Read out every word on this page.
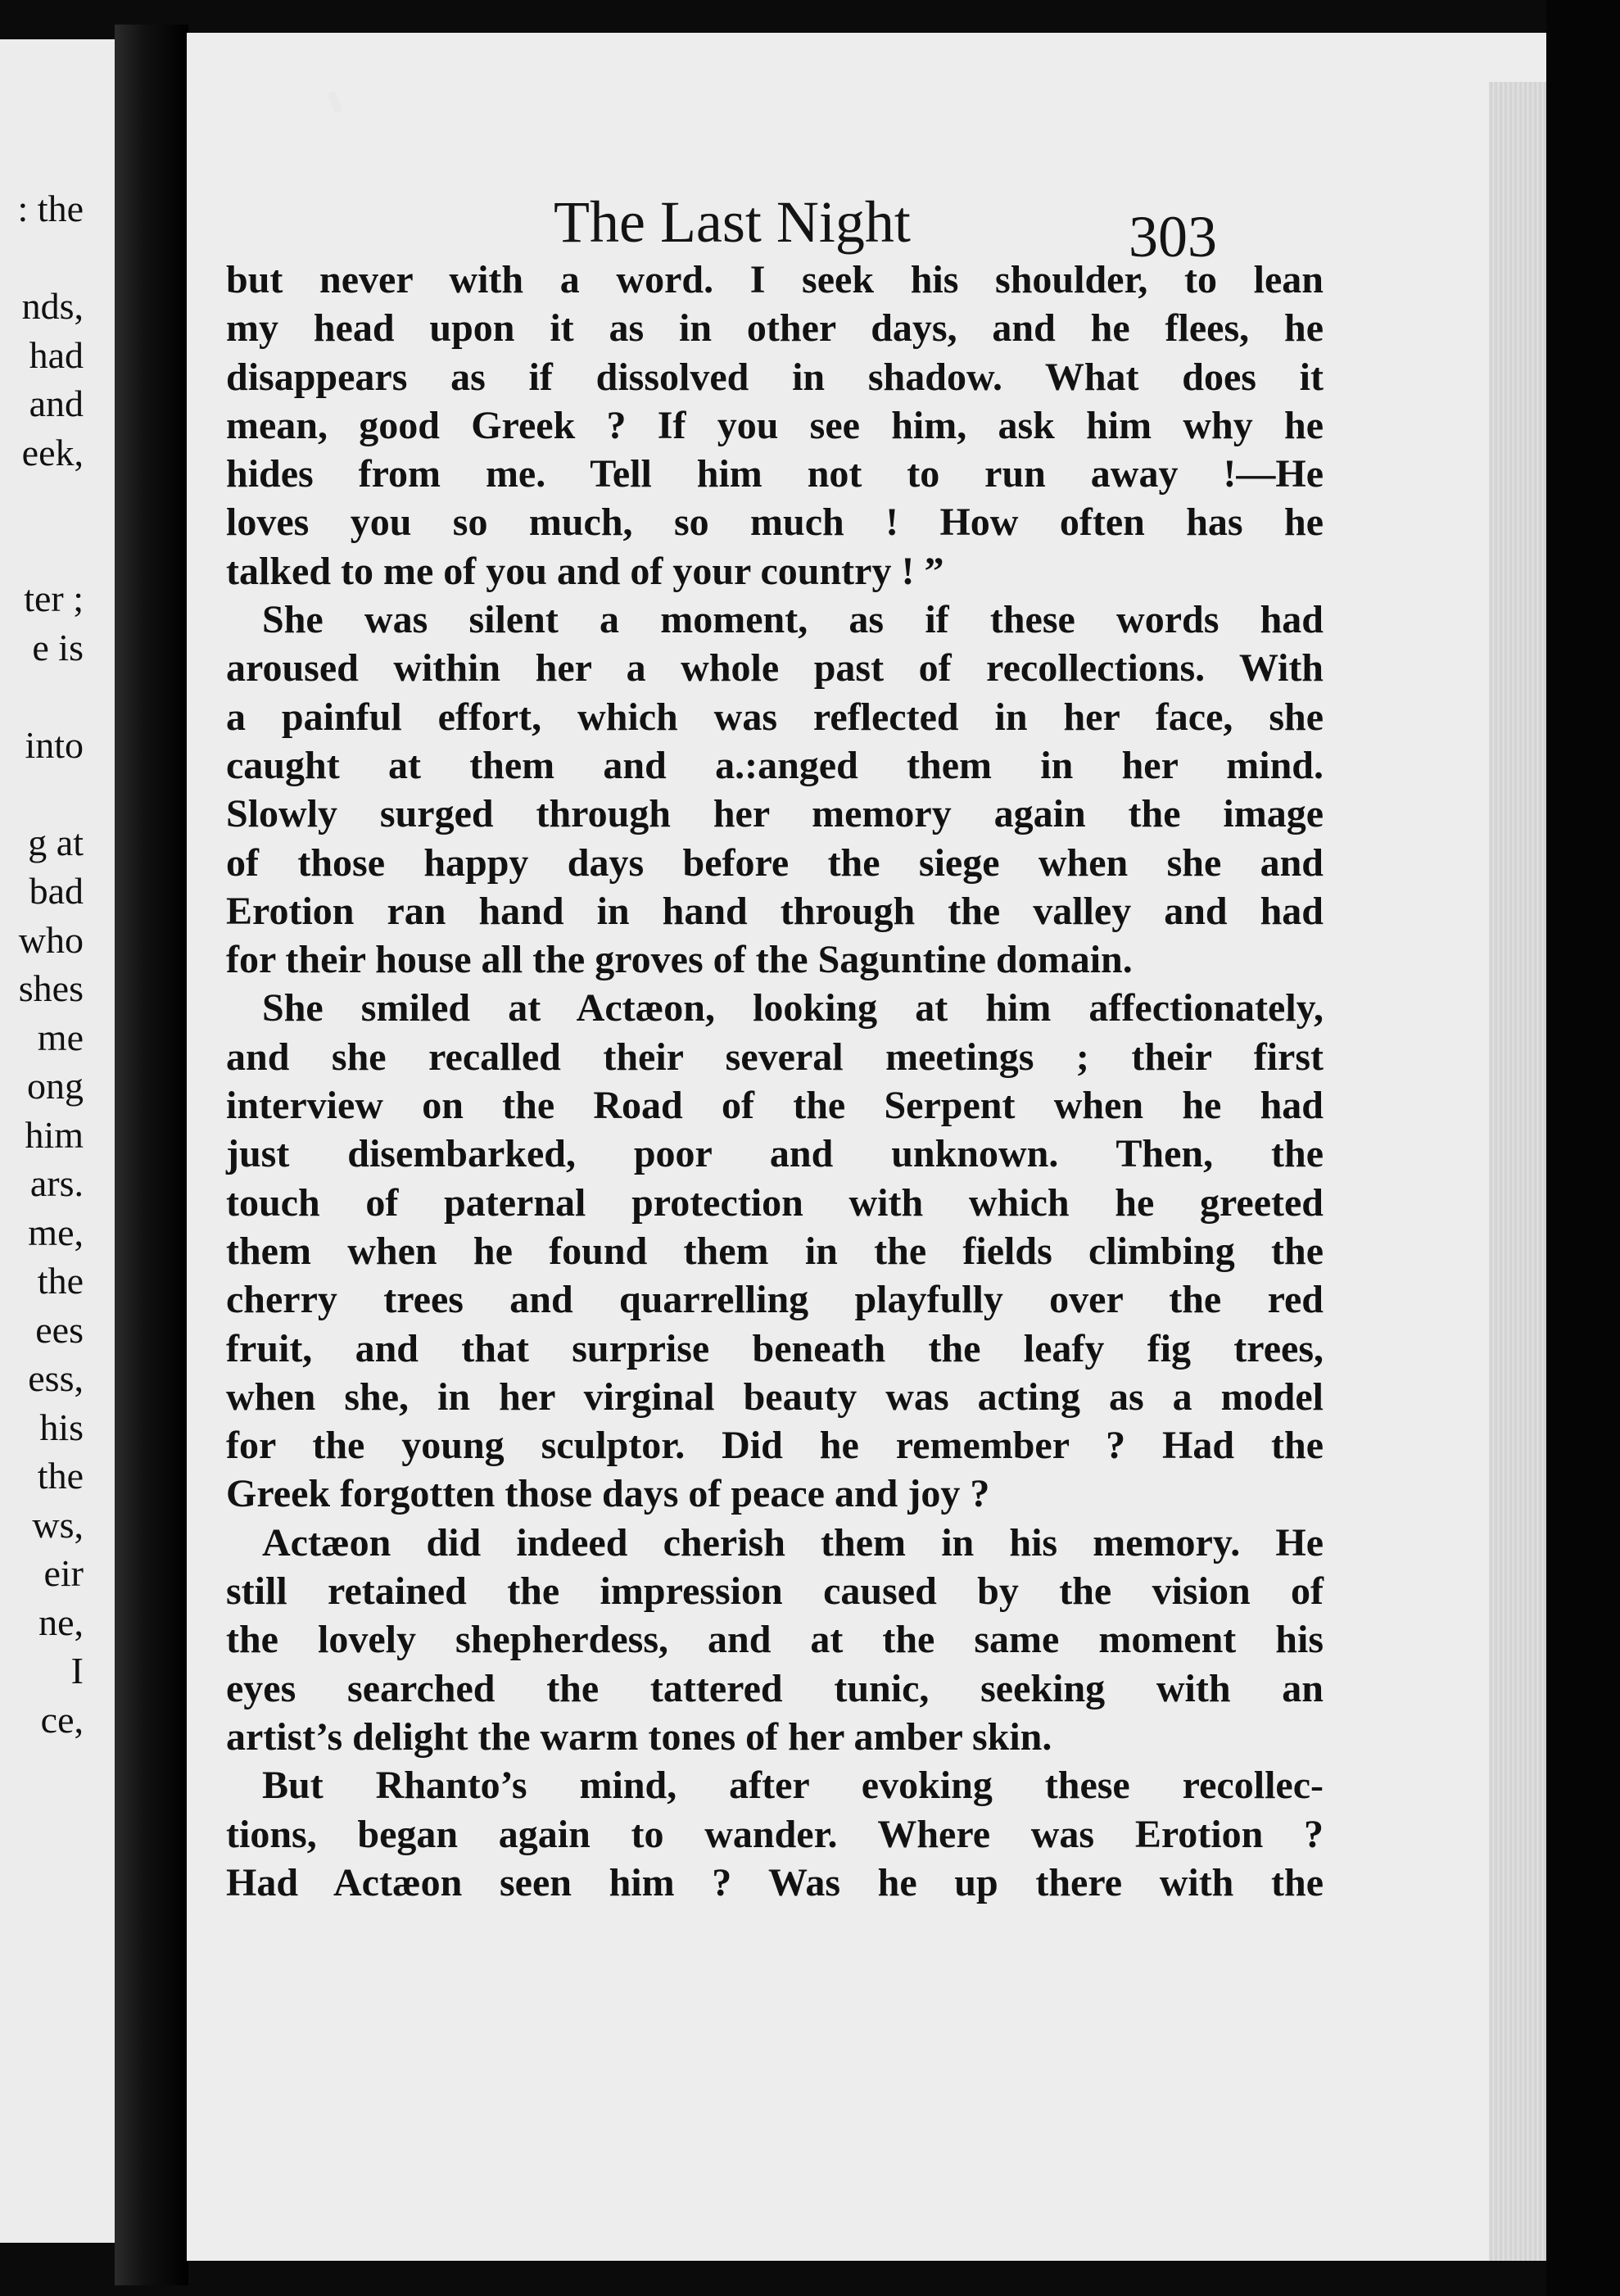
: the
nds,
had
and
eek,
ter ;
e is
into
g at
bad
who
shes
me
ong
him
ars.
me,
the
ees
ess,
his
the
ws,
eir
ne,
I
ce,
The Last Night	303
but never with a word. I seek his shoulder, to lean
my head upon it as in other days, and he flees, he
disappears as if dissolved in shadow. What does it
mean, good Greek ? If you see him, ask him why he
hides from me. Tell him not to run away !—He
loves you so much, so much ! How often has he
talked to me of you and of your country ! ”
She was silent a moment, as if these words had
aroused within her a whole past of recollections. With
a painful effort, which was reflected in her face, she
caught at them and a.:anged them in her mind.
Slowly surged through her memory again the image
of those happy days before the siege when she and
Erotion ran hand in hand through the valley and had
for their house all the groves of the Saguntine domain.
She smiled at Actæon, looking at him affectionately,
and she recalled their several meetings ; their first
interview on the Road of the Serpent when he had
just disembarked, poor and unknown. Then, the
touch of paternal protection with which he greeted
them when he found them in the fields climbing the
cherry trees and quarrelling playfully over the red
fruit, and that surprise beneath the leafy fig trees,
when she, in her virginal beauty was acting as a model
for the young sculptor. Did he remember ? Had the
Greek forgotten those days of peace and joy ?
Actæon did indeed cherish them in his memory. He
still retained the impression caused by the vision of
the lovely shepherdess, and at the same moment his
eyes searched the tattered tunic, seeking with an
artist’s delight the warm tones of her amber skin.
But Rhanto’s mind, after evoking these recollec-
tions, began again to wander. Where was Erotion ?
Had Actæon seen him ? Was he up there with the
